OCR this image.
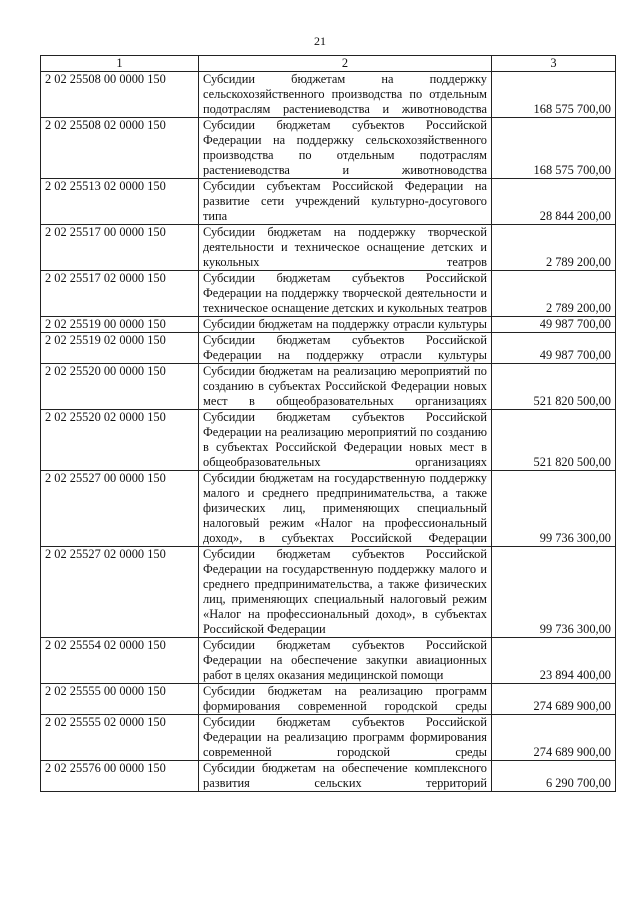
21
1	2	3
2 02 25508 00 0000 150	Субсидии бюджетам на поддержку сельскохозяйственного производства по отдельным подотраслям растениеводства и животноводства	168 575 700,00
2 02 25508 02 0000 150	Субсидии бюджетам субъектов Российской Федерации на поддержку сельскохозяйственного производства по отдельным подотраслям растениеводства и животноводства	168 575 700,00
2 02 25513 02 0000 150	Субсидии субъектам Российской Федерации на развитие сети учреждений культурно-досугового типа	28 844 200,00
2 02 25517 00 0000 150	Субсидии бюджетам на поддержку творческой деятельности и техническое оснащение детских и кукольных театров	2 789 200,00
2 02 25517 02 0000 150	Субсидии бюджетам субъектов Российской Федерации на поддержку творческой деятельности и техническое оснащение детских и кукольных театров	2 789 200,00
2 02 25519 00 0000 150	Субсидии бюджетам на поддержку отрасли культуры	49 987 700,00
2 02 25519 02 0000 150	Субсидии бюджетам субъектов Российской Федерации на поддержку отрасли культуры	49 987 700,00
2 02 25520 00 0000 150	Субсидии бюджетам на реализацию мероприятий по созданию в субъектах Российской Федерации новых мест в общеобразовательных организациях	521 820 500,00
2 02 25520 02 0000 150	Субсидии бюджетам субъектов Российской Федерации на реализацию мероприятий по созданию в субъектах Российской Федерации новых мест в общеобразовательных организациях	521 820 500,00
2 02 25527 00 0000 150	Субсидии бюджетам на государственную поддержку малого и среднего предпринимательства, а также физических лиц, применяющих специальный налоговый режим «Налог на профессиональный доход», в субъектах Российской Федерации	99 736 300,00
2 02 25527 02 0000 150	Субсидии бюджетам субъектов Российской Федерации на государственную поддержку малого и среднего предпринимательства, а также физических лиц, применяющих специальный налоговый режим «Налог на профессиональный доход», в субъектах Российской Федерации	99 736 300,00
2 02 25554 02 0000 150	Субсидии бюджетам субъектов Российской Федерации на обеспечение закупки авиационных работ в целях оказания медицинской помощи	23 894 400,00
2 02 25555 00 0000 150	Субсидии бюджетам на реализацию программ формирования современной городской среды	274 689 900,00
2 02 25555 02 0000 150	Субсидии бюджетам субъектов Российской Федерации на реализацию программ формирования современной городской среды	274 689 900,00
2 02 25576 00 0000 150	Субсидии бюджетам на обеспечение комплексного развития сельских территорий	6 290 700,00
